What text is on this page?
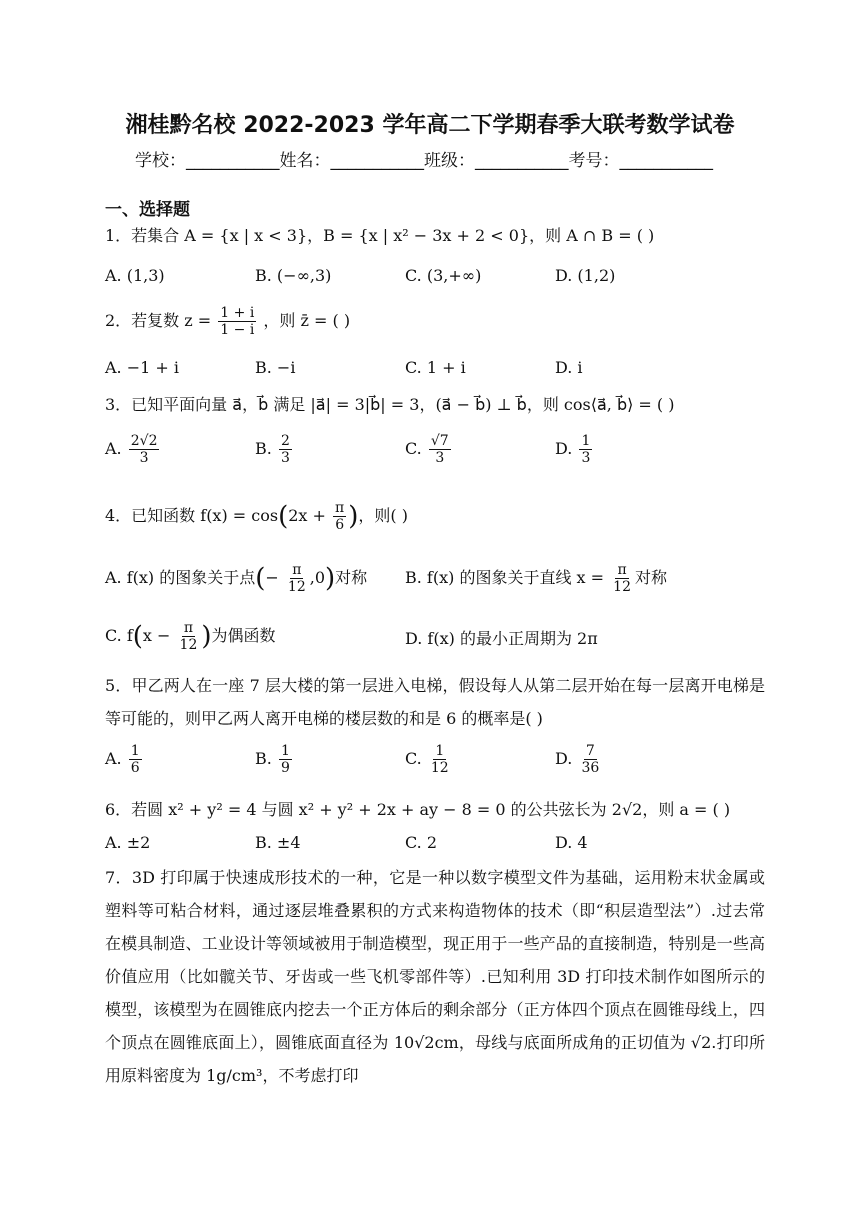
湘桂黔名校 2022-2023 学年高二下学期春季大联考数学试卷
学校：___________姓名：___________班级：___________考号：___________
一、选择题
1．若集合 A = {x | x < 3}，B = {x | x² − 3x + 2 < 0}，则 A ∩ B = ( )
A. (1,3)	B. (−∞,3)	C. (3,+∞)	D. (1,2)
2．若复数 $z = \frac{1 + i}{1 - i}$ ，则 z̄ = ( )
A. −1 + i	B. −i	C. 1 + i	D. i
3．已知平面向量 a⃗，b⃗ 满足 |a⃗| = 3|b⃗| = 3，(a⃗ − b⃗) ⊥ b⃗，则 cos⟨a⃗, b⃗⟩ = ( )
A. $\frac{2√2}{3}$	B. $\frac{2}{3}$	C. $\frac{√7}{3}$	D. $\frac{1}{3}$
4．已知函数 $f(x) = \cos(2x + \frac{\pi}{6}$ )，则( )
A. f(x) 的图象关于点(− $\frac{\pi}{12} ,0$)对称 B. f(x) 的图象关于直线 $x = \frac{\pi}{12}$ 对称
C. $f(x - \frac{\pi}{12}$ )为偶函数	D. f(x) 的最小正周期为 2π
5．甲乙两人在一座 7 层大楼的第一层进入电梯，假设每人从第二层开始在每一层离开电梯是等可能的，则甲乙两人离开电梯的楼层数的和是 6 的概率是( )
A. $\frac{1}{6}$	B. $\frac{1}{9}$	C. $\frac{1}{12}$	D. $\frac{7}{36}$
6．若圆 x² + y² = 4 与圆 x² + y² + 2x + ay − 8 = 0 的公共弦长为 2√2，则 a = ( )
A. ±2	B. ±4	C. 2	D. 4
7．3D 打印属于快速成形技术的一种，它是一种以数字模型文件为基础，运用粉末状金属或塑料等可粘合材料，通过逐层堆叠累积的方式来构造物体的技术（即“积层造型法”）.过去常在模具制造、工业设计等领域被用于制造模型，现正用于一些产品的直接制造，特别是一些高价值应用（比如髋关节、牙齿或一些飞机零部件等）.已知利用 3D 打印技术制作如图所示的模型，该模型为在圆锥底内挖去一个正方体后的剩余部分（正方体四个顶点在圆锥母线上，四个顶点在圆锥底面上），圆锥底面直径为 10√2cm，母线与底面所成角的正切值为 √2.打印所用原料密度为 1g/cm³，不考虑打印
